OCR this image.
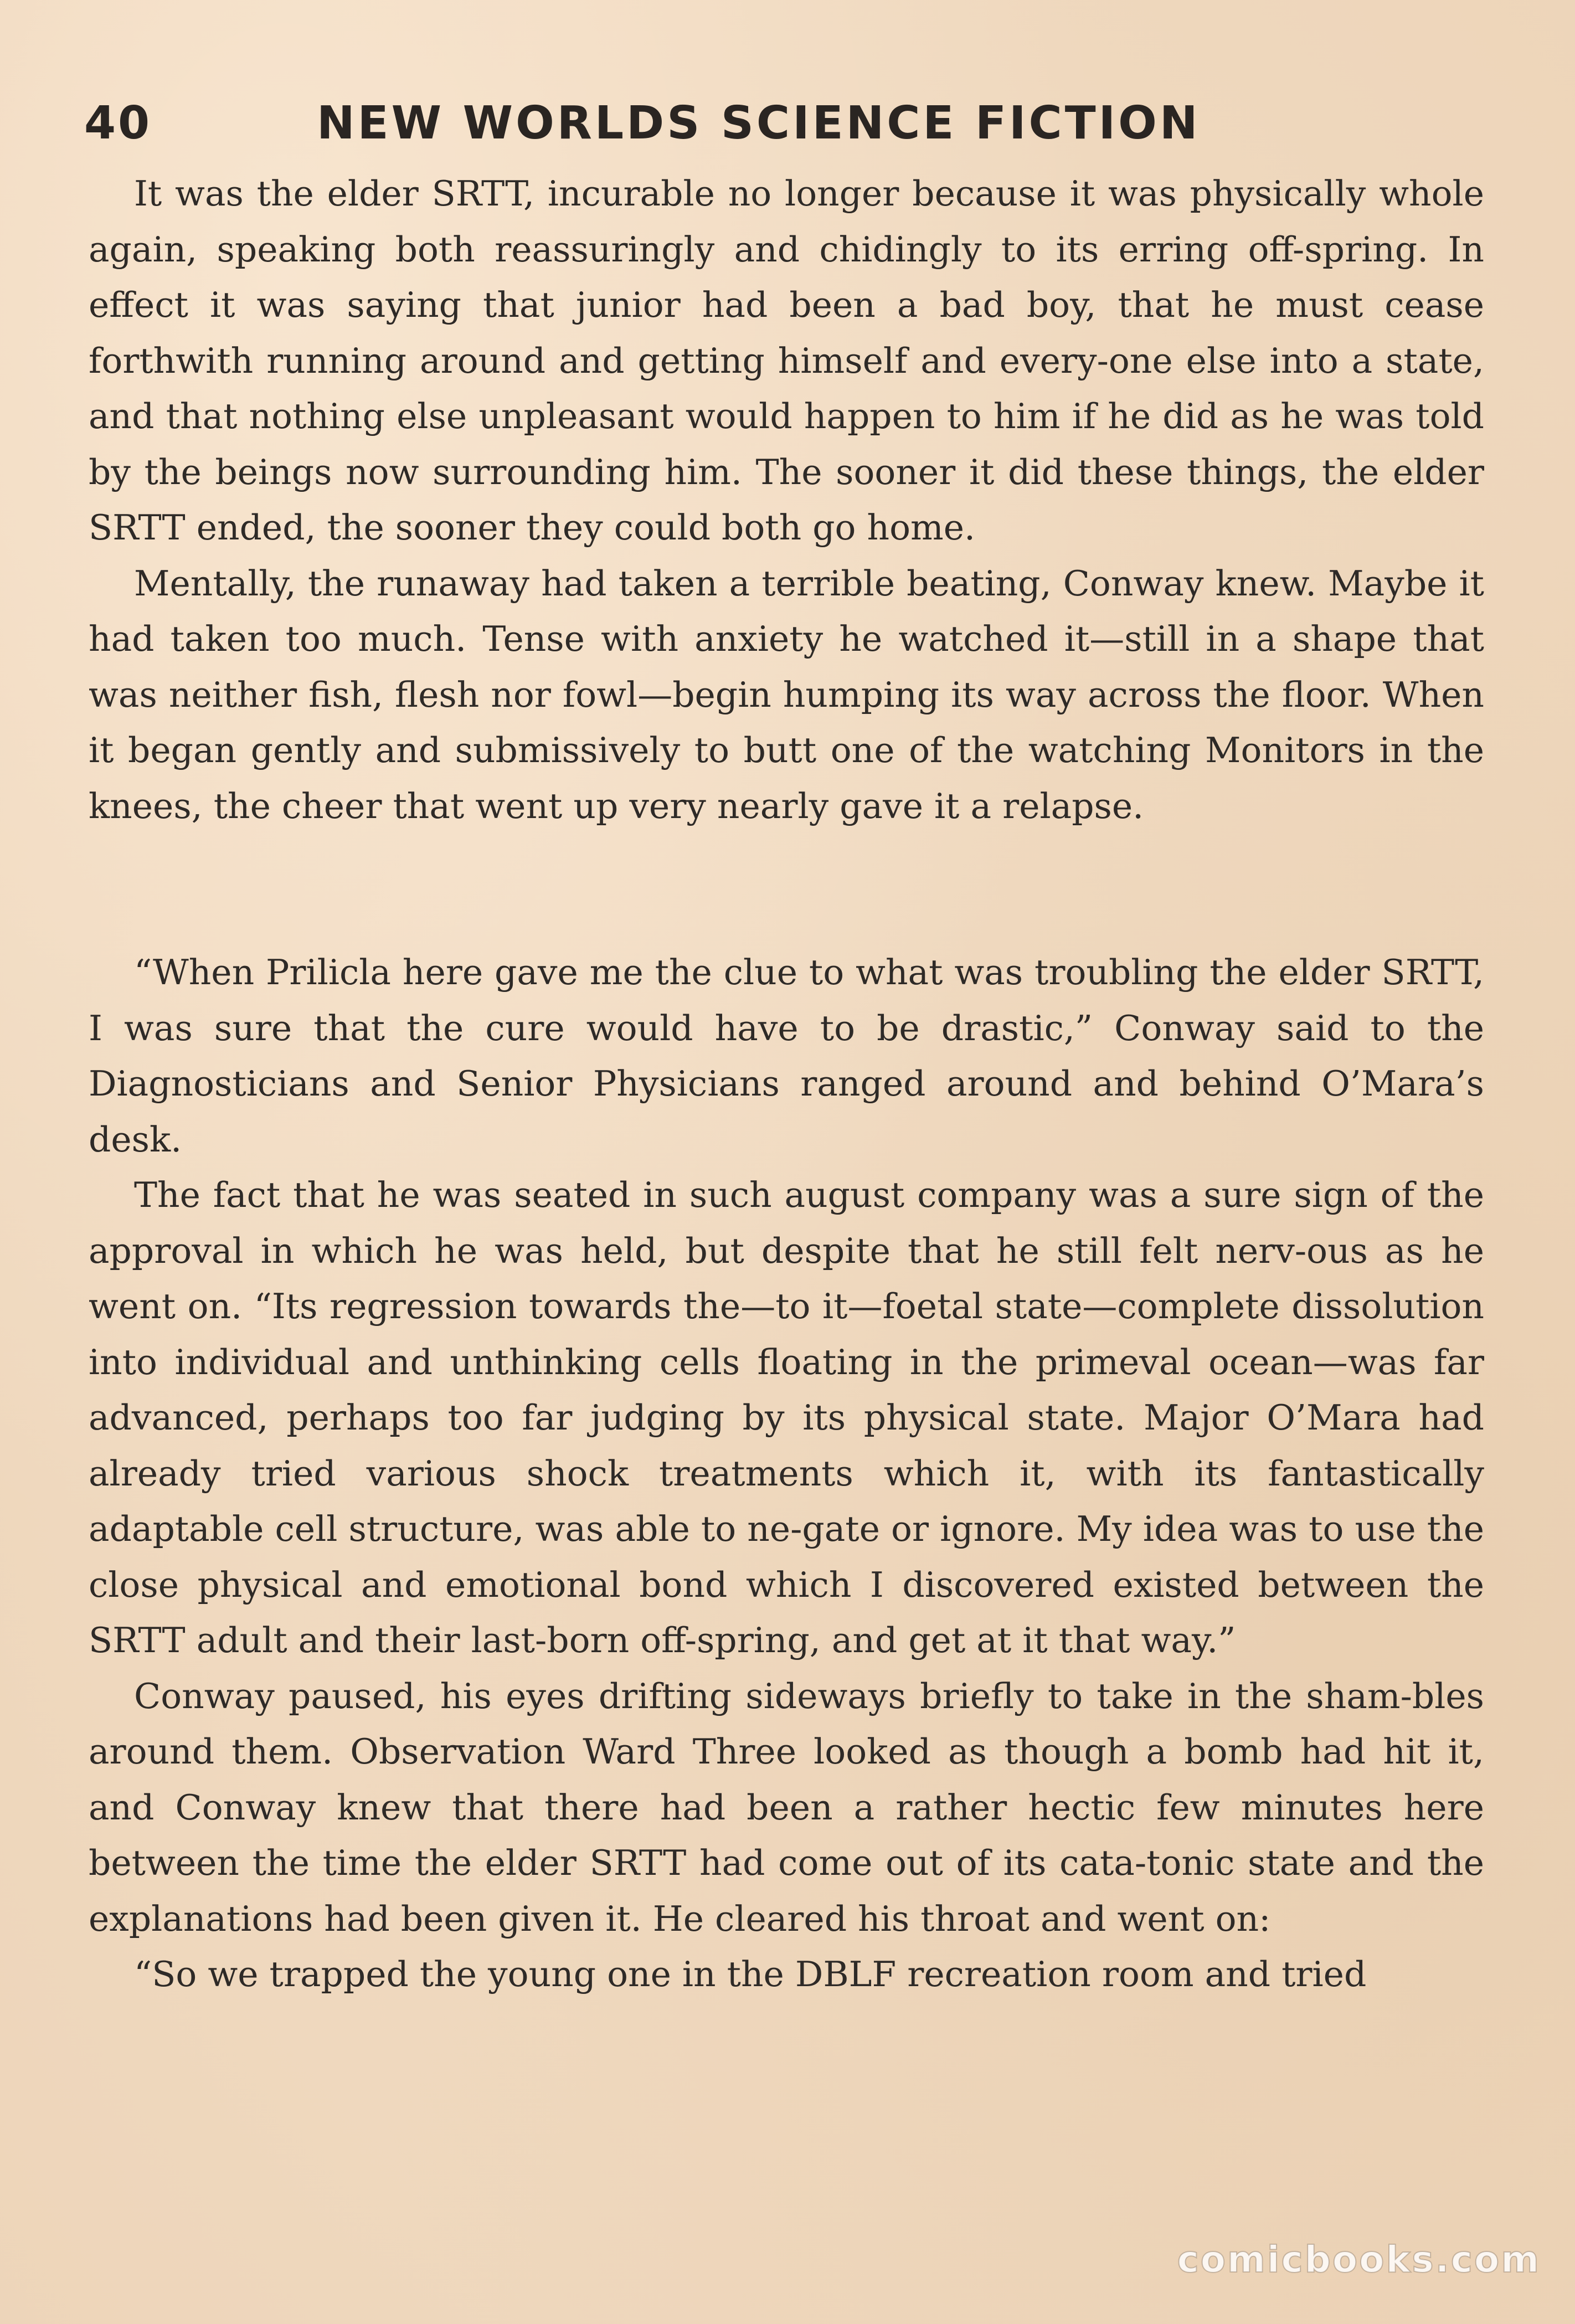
40	NEW WORLDS SCIENCE FICTION

It was the elder SRTT, incurable no longer because it was physically whole again, speaking both reassuringly and chidingly to its erring off-spring. In effect it was saying that junior had been a bad boy, that he must cease forthwith running around and getting himself and every-one else into a state, and that nothing else unpleasant would happen to him if he did as he was told by the beings now surrounding him. The sooner it did these things, the elder SRTT ended, the sooner they could both go home.

Mentally, the runaway had taken a terrible beating, Conway knew. Maybe it had taken too much. Tense with anxiety he watched it—still in a shape that was neither fish, flesh nor fowl—begin humping its way across the floor. When it began gently and submissively to butt one of the watching Monitors in the knees, the cheer that went up very nearly gave it a relapse.

“When Prilicla here gave me the clue to what was troubling the elder SRTT, I was sure that the cure would have to be drastic,” Conway said to the Diagnosticians and Senior Physicians ranged around and behind O’Mara’s desk.

The fact that he was seated in such august company was a sure sign of the approval in which he was held, but despite that he still felt nerv-ous as he went on. “Its regression towards the—to it—foetal state—complete dissolution into individual and unthinking cells floating in the primeval ocean—was far advanced, perhaps too far judging by its physical state. Major O’Mara had already tried various shock treatments which it, with its fantastically adaptable cell structure, was able to ne-gate or ignore. My idea was to use the close physical and emotional bond which I discovered existed between the SRTT adult and their last-born off-spring, and get at it that way.”

Conway paused, his eyes drifting sideways briefly to take in the sham-bles around them. Observation Ward Three looked as though a bomb had hit it, and Conway knew that there had been a rather hectic few minutes here between the time the elder SRTT had come out of its cata-tonic state and the explanations had been given it. He cleared his throat and went on:

“So we trapped the young one in the DBLF recreation room and tried

comicbooks.com
